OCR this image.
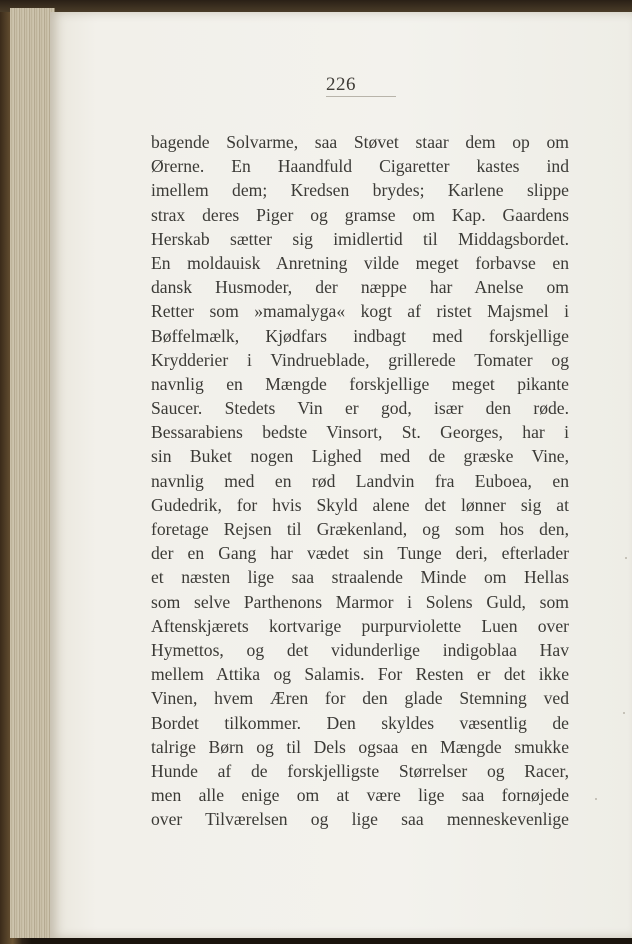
226
bagende Solvarme, saa Støvet staar dem op om
Ørerne. En Haandfuld Cigaretter kastes ind
imellem dem; Kredsen brydes; Karlene slippe
strax deres Piger og gramse om Kap. Gaardens
Herskab sætter sig imidlertid til Middagsbordet.
En moldauisk Anretning vilde meget forbavse en
dansk Husmoder, der næppe har Anelse om
Retter som »mamalyga« kogt af ristet Majsmel i
Bøffelmælk, Kjødfars indbagt med forskjellige
Krydderier i Vindrueblade, grillerede Tomater og
navnlig en Mængde forskjellige meget pikante
Saucer. Stedets Vin er god, især den røde.
Bessarabiens bedste Vinsort, St. Georges, har i
sin Buket nogen Lighed med de græske Vine,
navnlig med en rød Landvin fra Euboea, en
Gudedrik, for hvis Skyld alene det lønner sig at
foretage Rejsen til Grækenland, og som hos den,
der en Gang har vædet sin Tunge deri, efterlader
et næsten lige saa straalende Minde om Hellas
som selve Parthenons Marmor i Solens Guld, som
Aftenskjærets kortvarige purpurviolette Luen over
Hymettos, og det vidunderlige indigoblaa Hav
mellem Attika og Salamis. For Resten er det ikke
Vinen, hvem Æren for den glade Stemning ved
Bordet tilkommer. Den skyldes væsentlig de
talrige Børn og til Dels ogsaa en Mængde smukke
Hunde af de forskjelligste Størrelser og Racer,
men alle enige om at være lige saa fornøjede
over Tilværelsen og lige saa menneskevenlige
